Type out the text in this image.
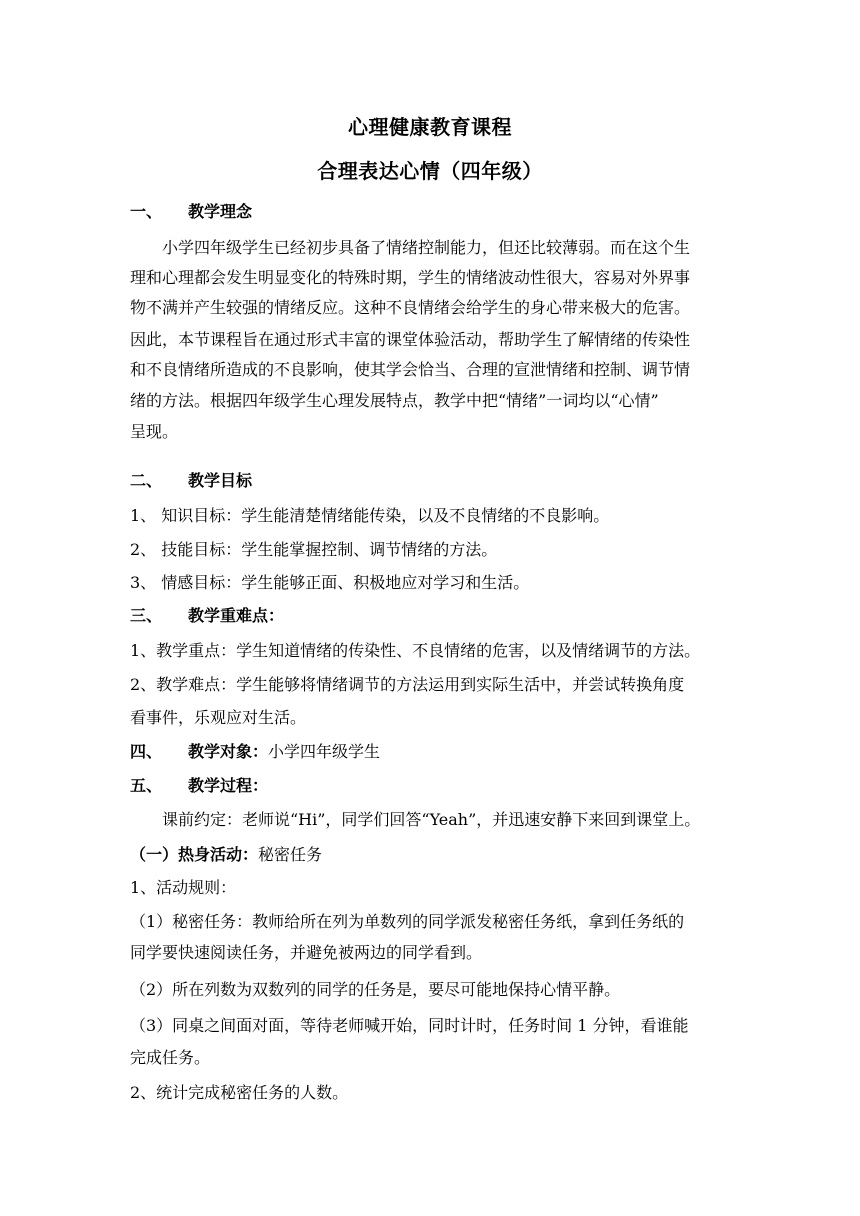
心理健康教育课程
合理表达心情（四年级）
一、 教学理念
小学四年级学生已经初步具备了情绪控制能力，但还比较薄弱。而在这个生
理和心理都会发生明显变化的特殊时期，学生的情绪波动性很大，容易对外界事
物不满并产生较强的情绪反应。这种不良情绪会给学生的身心带来极大的危害。
因此，本节课程旨在通过形式丰富的课堂体验活动，帮助学生了解情绪的传染性
和不良情绪所造成的不良影响，使其学会恰当、合理的宣泄情绪和控制、调节情
绪的方法。根据四年级学生心理发展特点，教学中把“情绪”一词均以“心情”
呈现。
二、 教学目标
1、 知识目标：学生能清楚情绪能传染，以及不良情绪的不良影响。
2、 技能目标：学生能掌握控制、调节情绪的方法。
3、 情感目标：学生能够正面、积极地应对学习和生活。
三、 教学重难点：
1、教学重点：学生知道情绪的传染性、不良情绪的危害，以及情绪调节的方法。
2、教学难点：学生能够将情绪调节的方法运用到实际生活中，并尝试转换角度
看事件，乐观应对生活。
四、 教学对象：小学四年级学生
五、 教学过程：
课前约定：老师说“Hi”，同学们回答“Yeah”，并迅速安静下来回到课堂上。
（一）热身活动：秘密任务
1、活动规则：
（1）秘密任务：教师给所在列为单数列的同学派发秘密任务纸，拿到任务纸的
同学要快速阅读任务，并避免被两边的同学看到。
（2）所在列数为双数列的同学的任务是，要尽可能地保持心情平静。
（3）同桌之间面对面，等待老师喊开始，同时计时，任务时间 1 分钟，看谁能
完成任务。
2、统计完成秘密任务的人数。
